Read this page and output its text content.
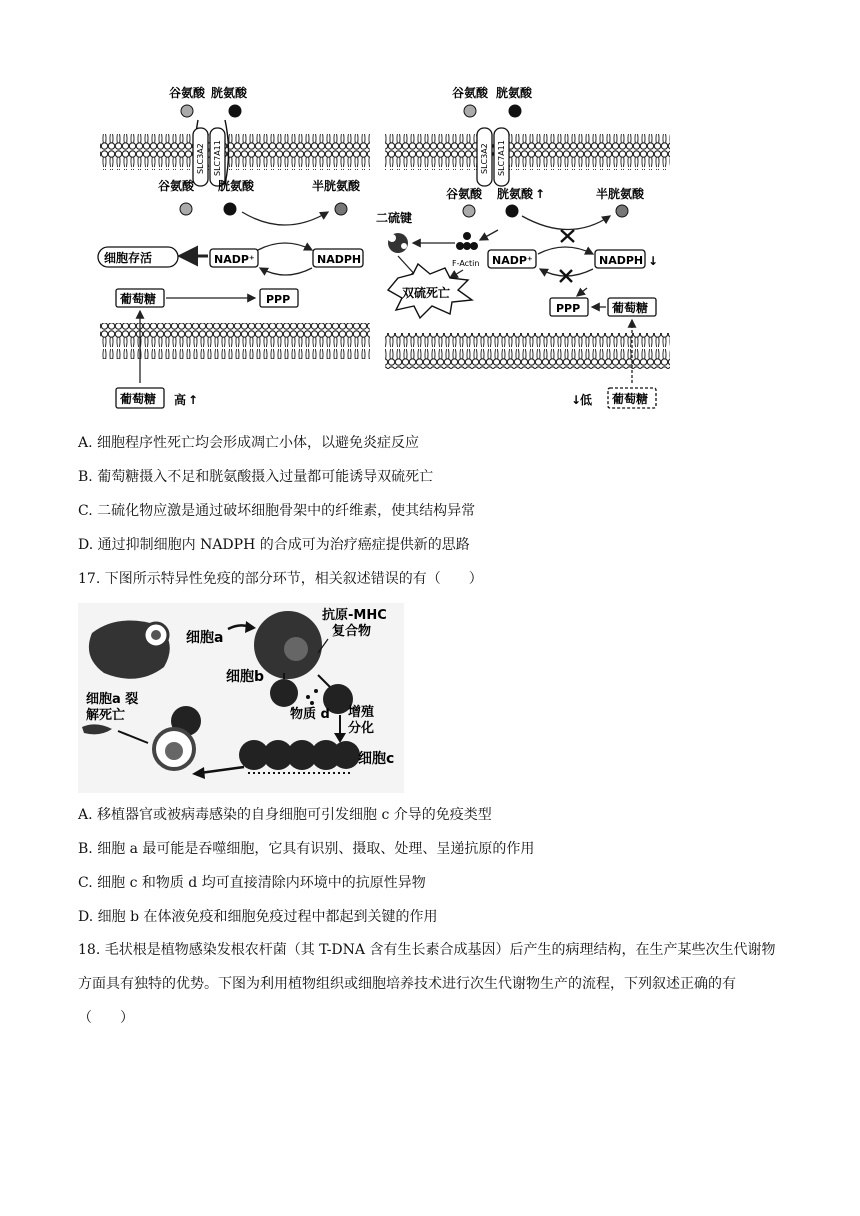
SLC3A2 SLC7A11	SLC3A2 SLC7A11
谷氨酸 胱氨酸
谷氨酸 胱氨酸	半胱氨酸
谷氨酸 胱氨酸
谷氨酸 胱氨酸 ↑	半胱氨酸
NADP⁺	NADPH
细胞存活
葡萄糖	PPP
葡萄糖 高 ↑
二硫键
F-Actin
双硫死亡
NADP⁺	NADPH ↓
PPP	葡萄糖
葡萄糖
↓
低
A. 细胞程序性死亡均会形成凋亡小体，以避免炎症反应
B. 葡萄糖摄入不足和胱氨酸摄入过量都可能诱导双硫死亡
C. 二硫化物应激是通过破坏细胞骨架中的纤维素，使其结构异常
D. 通过抑制细胞内 NADPH 的合成可为治疗癌症提供新的思路
17. 下图所示特异性免疫的部分环节，相关叙述错误的有（　　）
细胞a
抗原-MHC
复合物
细胞b
物质 d 增殖
分化
细胞c
细胞a 裂
解死亡
A. 移植器官或被病毒感染的自身细胞可引发细胞 c 介导的免疫类型
B. 细胞 a 最可能是吞噬细胞，它具有识别、摄取、处理、呈递抗原的作用
C. 细胞 c 和物质 d 均可直接清除内环境中的抗原性异物
D. 细胞 b 在体液免疫和细胞免疫过程中都起到关键的作用
18. 毛状根是植物感染发根农杆菌（其 T-DNA 含有生长素合成基因）后产生的病理结构，在生产某些次生代谢物方面具有独特的优势。下图为利用植物组织或细胞培养技术进行次生代谢物生产的流程，下列叙述正确的有（　　）
